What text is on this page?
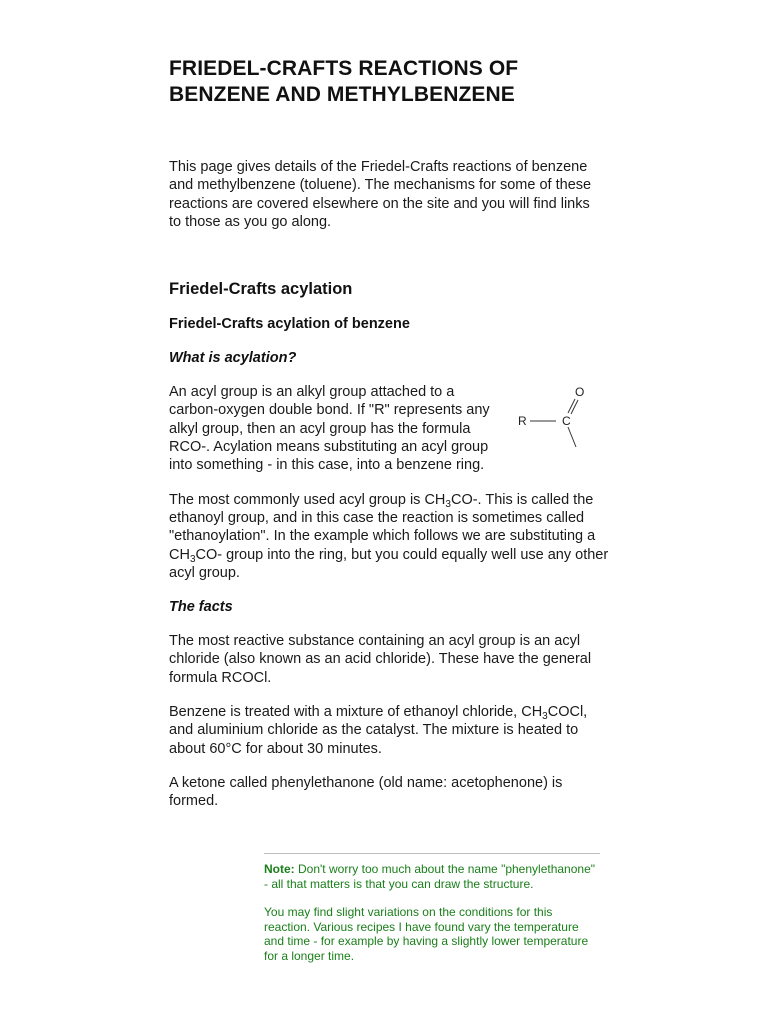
FRIEDEL-CRAFTS REACTIONS OF BENZENE AND METHYLBENZENE

This page gives details of the Friedel-Crafts reactions of benzene and methylbenzene (toluene). The mechanisms for some of these reactions are covered elsewhere on the site and you will find links to those as you go along.

Friedel-Crafts acylation
Friedel-Crafts acylation of benzene
What is acylation?

An acyl group is an alkyl group attached to a carbon-oxygen double bond. If "R" represents any alkyl group, then an acyl group has the formula RCO-. Acylation means substituting an acyl group into something - in this case, into a benzene ring.

O
R	C

The most commonly used acyl group is $CH_3CO-$. This is called the ethanoyl group, and in this case the reaction is sometimes called "ethanoylation". In the example which follows we are substituting a $CH_3CO-$ group into the ring, but you could equally well use any other acyl group.

The facts

The most reactive substance containing an acyl group is an acyl chloride (also known as an acid chloride). These have the general formula RCOCl.

Benzene is treated with a mixture of ethanoyl chloride, $CH_3COCl$, and aluminium chloride as the catalyst. The mixture is heated to about 60°C for about 30 minutes.

A ketone called phenylethanone (old name: acetophenone) is formed.

Note: Don't worry too much about the name "phenylethanone" - all that matters is that you can draw the structure.

You may find slight variations on the conditions for this reaction. Various recipes I have found vary the temperature and time - for example by having a slightly lower temperature for a longer time.
